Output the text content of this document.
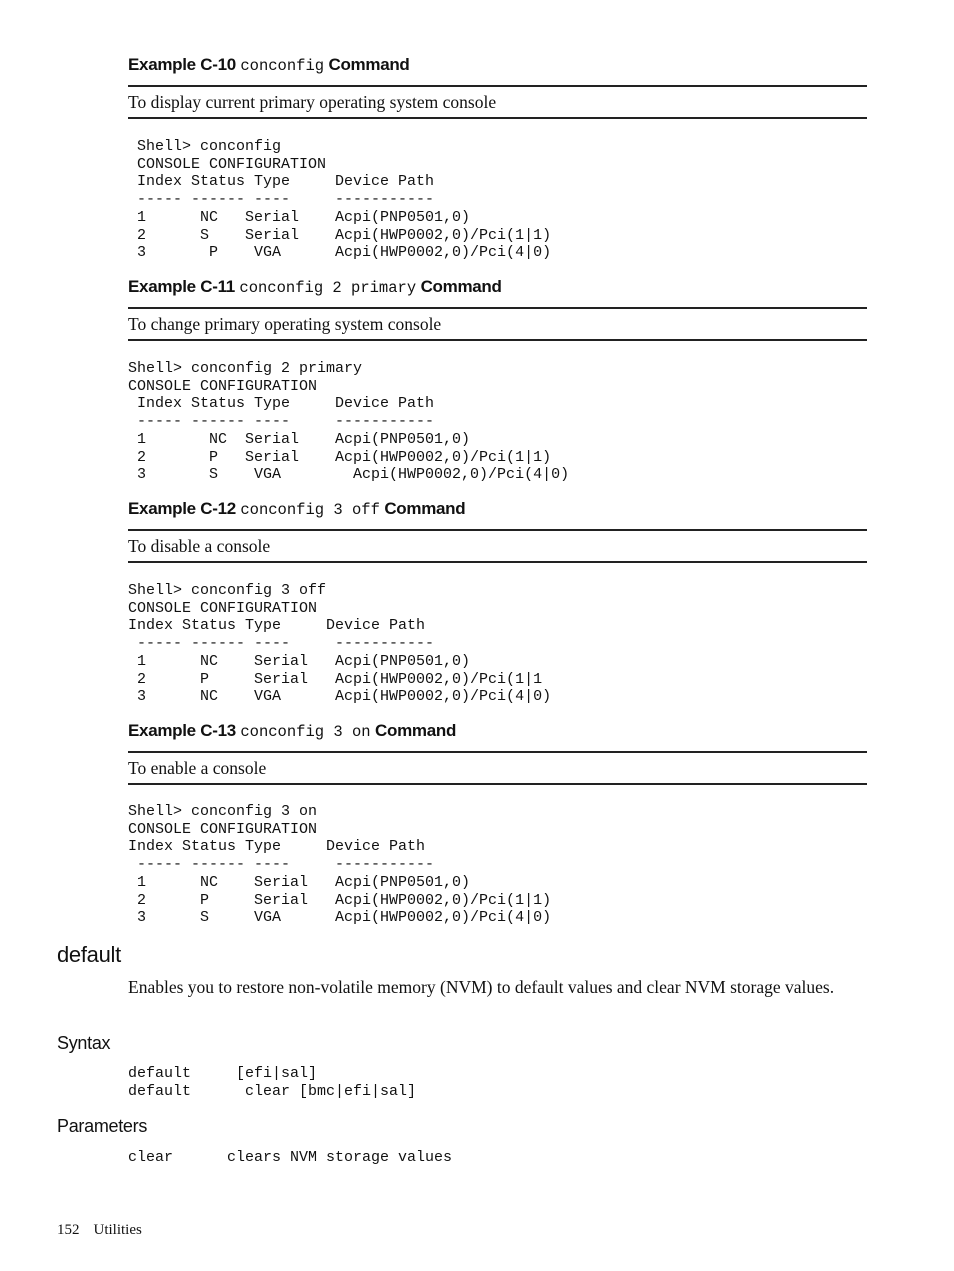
Example C-10 conconfig Command
To display current primary operating system console
Shell> conconfig
CONSOLE CONFIGURATION
Index Status Type     Device Path
----- ------ ----     -----------
1      NC   Serial    Acpi(PNP0501,0)
2      S    Serial    Acpi(HWP0002,0)/Pci(1|1)
3       P    VGA      Acpi(HWP0002,0)/Pci(4|0)
Example C-11 conconfig 2 primary Command
To change primary operating system console
Shell> conconfig 2 primary
CONSOLE CONFIGURATION
Index Status Type     Device Path
----- ------ ----     -----------
1       NC  Serial    Acpi(PNP0501,0)
2       P   Serial    Acpi(HWP0002,0)/Pci(1|1)
3       S    VGA        Acpi(HWP0002,0)/Pci(4|0)
Example C-12 conconfig 3 off Command
To disable a console
Shell> conconfig 3 off
CONSOLE CONFIGURATION
Index Status Type     Device Path
----- ------ ----     -----------
1      NC    Serial   Acpi(PNP0501,0)
2      P     Serial   Acpi(HWP0002,0)/Pci(1|1
3      NC    VGA      Acpi(HWP0002,0)/Pci(4|0)
Example C-13 conconfig 3 on Command
To enable a console
Shell> conconfig 3 on
CONSOLE CONFIGURATION
Index Status Type     Device Path
----- ------ ----     -----------
1      NC    Serial   Acpi(PNP0501,0)
2      P     Serial   Acpi(HWP0002,0)/Pci(1|1)
3      S     VGA      Acpi(HWP0002,0)/Pci(4|0)
default
Enables you to restore non-volatile memory (NVM) to default values and clear NVM storage values.
Syntax
default     [efi|sal]
default      clear [bmc|efi|sal]
Parameters
clear      clears NVM storage values
152 Utilities
